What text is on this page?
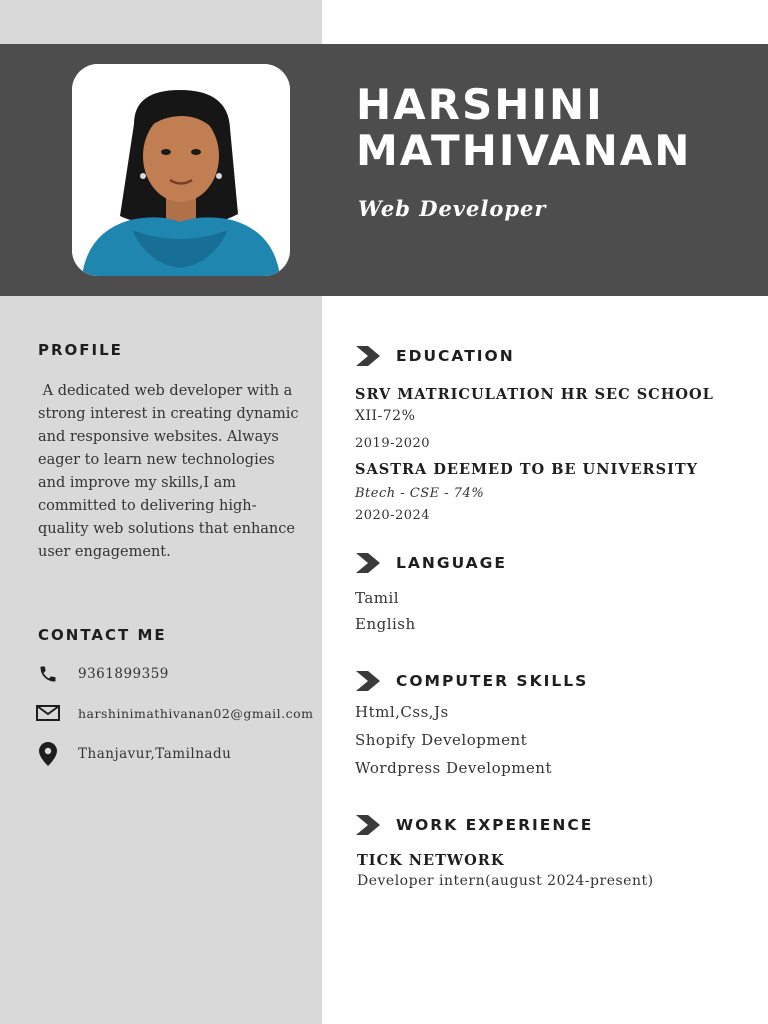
HARSHINI
MATHIVANAN
Web Developer
PROFILE
A dedicated web developer with a strong interest in creating dynamic and responsive websites. Always eager to learn new technologies and improve my skills,I am committed to delivering high-quality web solutions that enhance user engagement.
CONTACT ME
9361899359
harshinimathivanan02@gmail.com
Thanjavur,Tamilnadu
EDUCATION
SRV MATRICULATION HR SEC SCHOOL
XII-72%
2019-2020
SASTRA DEEMED TO BE UNIVERSITY
Btech - CSE - 74%
2020-2024
LANGUAGE
Tamil
English
COMPUTER SKILLS
Html,Css,Js
Shopify Development
Wordpress Development
WORK EXPERIENCE
TICK NETWORK
Developer intern(august 2024-present)
